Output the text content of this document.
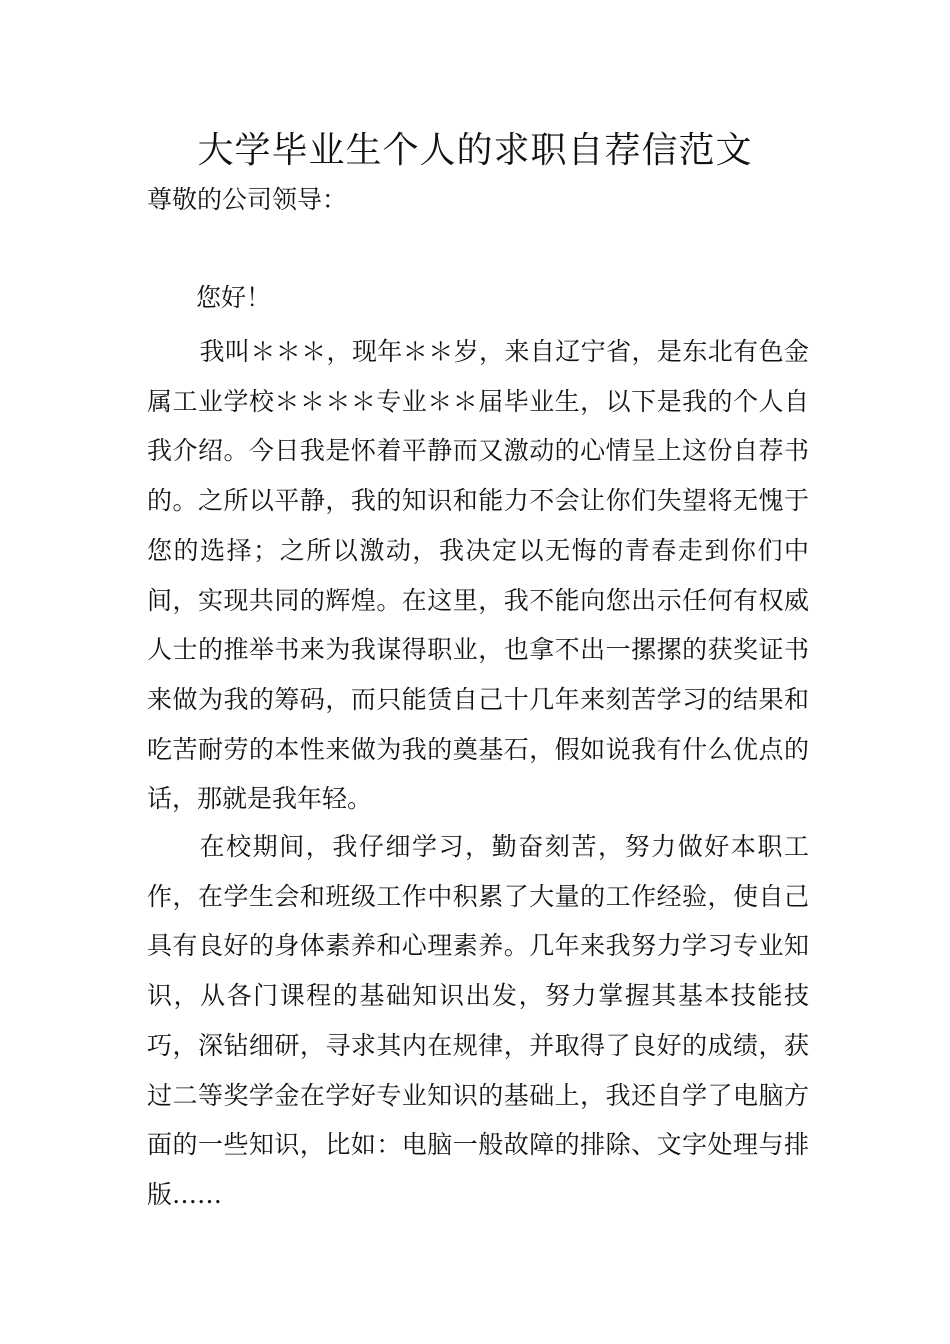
大学毕业生个人的求职自荐信范文

尊敬的公司领导：

您好！

我叫＊＊＊，现年＊＊岁，来自辽宁省，是东北有色金属工业学校＊＊＊＊专业＊＊届毕业生，以下是我的个人自我介绍。今日我是怀着平静而又激动的心情呈上这份自荐书的。之所以平静，我的知识和能力不会让你们失望将无愧于您的选择；之所以激动，我决定以无悔的青春走到你们中间，实现共同的辉煌。在这里，我不能向您出示任何有权威人士的推举书来为我谋得职业，也拿不出一摞摞的获奖证书来做为我的筹码，而只能赁自己十几年来刻苦学习的结果和吃苦耐劳的本性来做为我的奠基石，假如说我有什么优点的话，那就是我年轻。

在校期间，我仔细学习，勤奋刻苦，努力做好本职工作，在学生会和班级工作中积累了大量的工作经验，使自己具有良好的身体素养和心理素养。几年来我努力学习专业知识，从各门课程的基础知识出发，努力掌握其基本技能技巧，深钻细研，寻求其内在规律，并取得了良好的成绩，获过二等奖学金在学好专业知识的基础上，我还自学了电脑方面的一些知识，比如：电脑一般故障的排除、文字处理与排版……
